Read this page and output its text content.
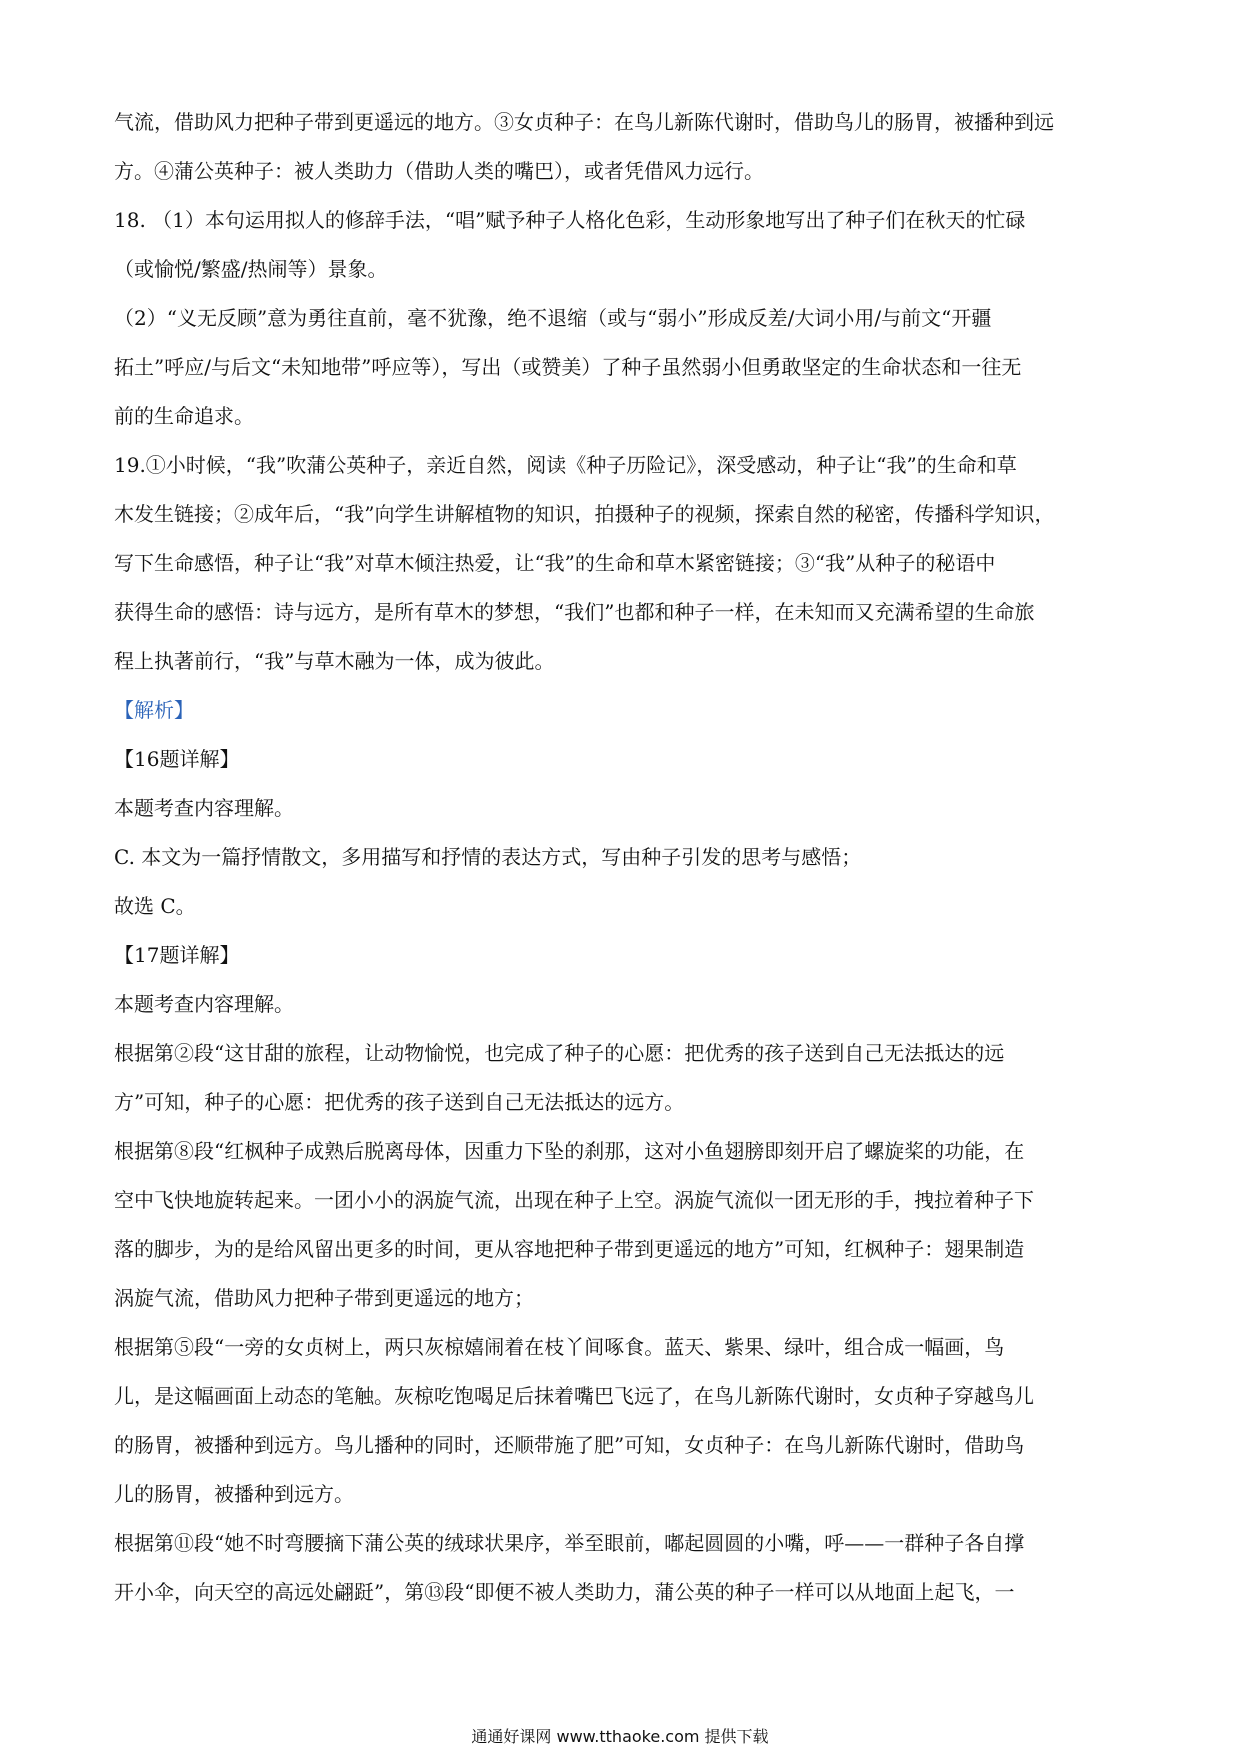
气流，借助风力把种子带到更遥远的地方。③女贞种子：在鸟儿新陈代谢时，借助鸟儿的肠胃，被播种到远
方。④蒲公英种子：被人类助力（借助人类的嘴巴），或者凭借风力远行。
18. （1）本句运用拟人的修辞手法，“唱”赋予种子人格化色彩，生动形象地写出了种子们在秋天的忙碌
（或愉悦/繁盛/热闹等）景象。
（2）“义无反顾”意为勇往直前，毫不犹豫，绝不退缩（或与“弱小”形成反差/大词小用/与前文“开疆
拓土”呼应/与后文“未知地带”呼应等），写出（或赞美）了种子虽然弱小但勇敢坚定的生命状态和一往无
前的生命追求。
19.①小时候，“我”吹蒲公英种子，亲近自然，阅读《种子历险记》，深受感动，种子让“我”的生命和草
木发生链接；②成年后，“我”向学生讲解植物的知识，拍摄种子的视频，探索自然的秘密，传播科学知识，
写下生命感悟，种子让“我”对草木倾注热爱，让“我”的生命和草木紧密链接；③“我”从种子的秘语中
获得生命的感悟：诗与远方，是所有草木的梦想，“我们”也都和种子一样，在未知而又充满希望的生命旅
程上执著前行，“我”与草木融为一体，成为彼此。
【解析】
【16题详解】
本题考查内容理解。
C. 本文为一篇抒情散文，多用描写和抒情的表达方式，写由种子引发的思考与感悟；
故选 C。
【17题详解】
本题考查内容理解。
根据第②段“这甘甜的旅程，让动物愉悦，也完成了种子的心愿：把优秀的孩子送到自己无法抵达的远
方”可知，种子的心愿：把优秀的孩子送到自己无法抵达的远方。
根据第⑧段“红枫种子成熟后脱离母体，因重力下坠的刹那，这对小鱼翅膀即刻开启了螺旋桨的功能，在
空中飞快地旋转起来。一团小小的涡旋气流，出现在种子上空。涡旋气流似一团无形的手，拽拉着种子下
落的脚步，为的是给风留出更多的时间，更从容地把种子带到更遥远的地方”可知，红枫种子：翅果制造
涡旋气流，借助风力把种子带到更遥远的地方；
根据第⑤段“一旁的女贞树上，两只灰椋嬉闹着在枝丫间啄食。蓝天、紫果、绿叶，组合成一幅画，鸟
儿，是这幅画面上动态的笔触。灰椋吃饱喝足后抹着嘴巴飞远了，在鸟儿新陈代谢时，女贞种子穿越鸟儿
的肠胃，被播种到远方。鸟儿播种的同时，还顺带施了肥”可知，女贞种子：在鸟儿新陈代谢时，借助鸟
儿的肠胃，被播种到远方。
根据第⑪段“她不时弯腰摘下蒲公英的绒球状果序，举至眼前，嘟起圆圆的小嘴，呼——一群种子各自撑
开小伞，向天空的高远处翩跹”，第⑬段“即便不被人类助力，蒲公英的种子一样可以从地面上起飞，一
通通好课网 www.tthaoke.com 提供下载
